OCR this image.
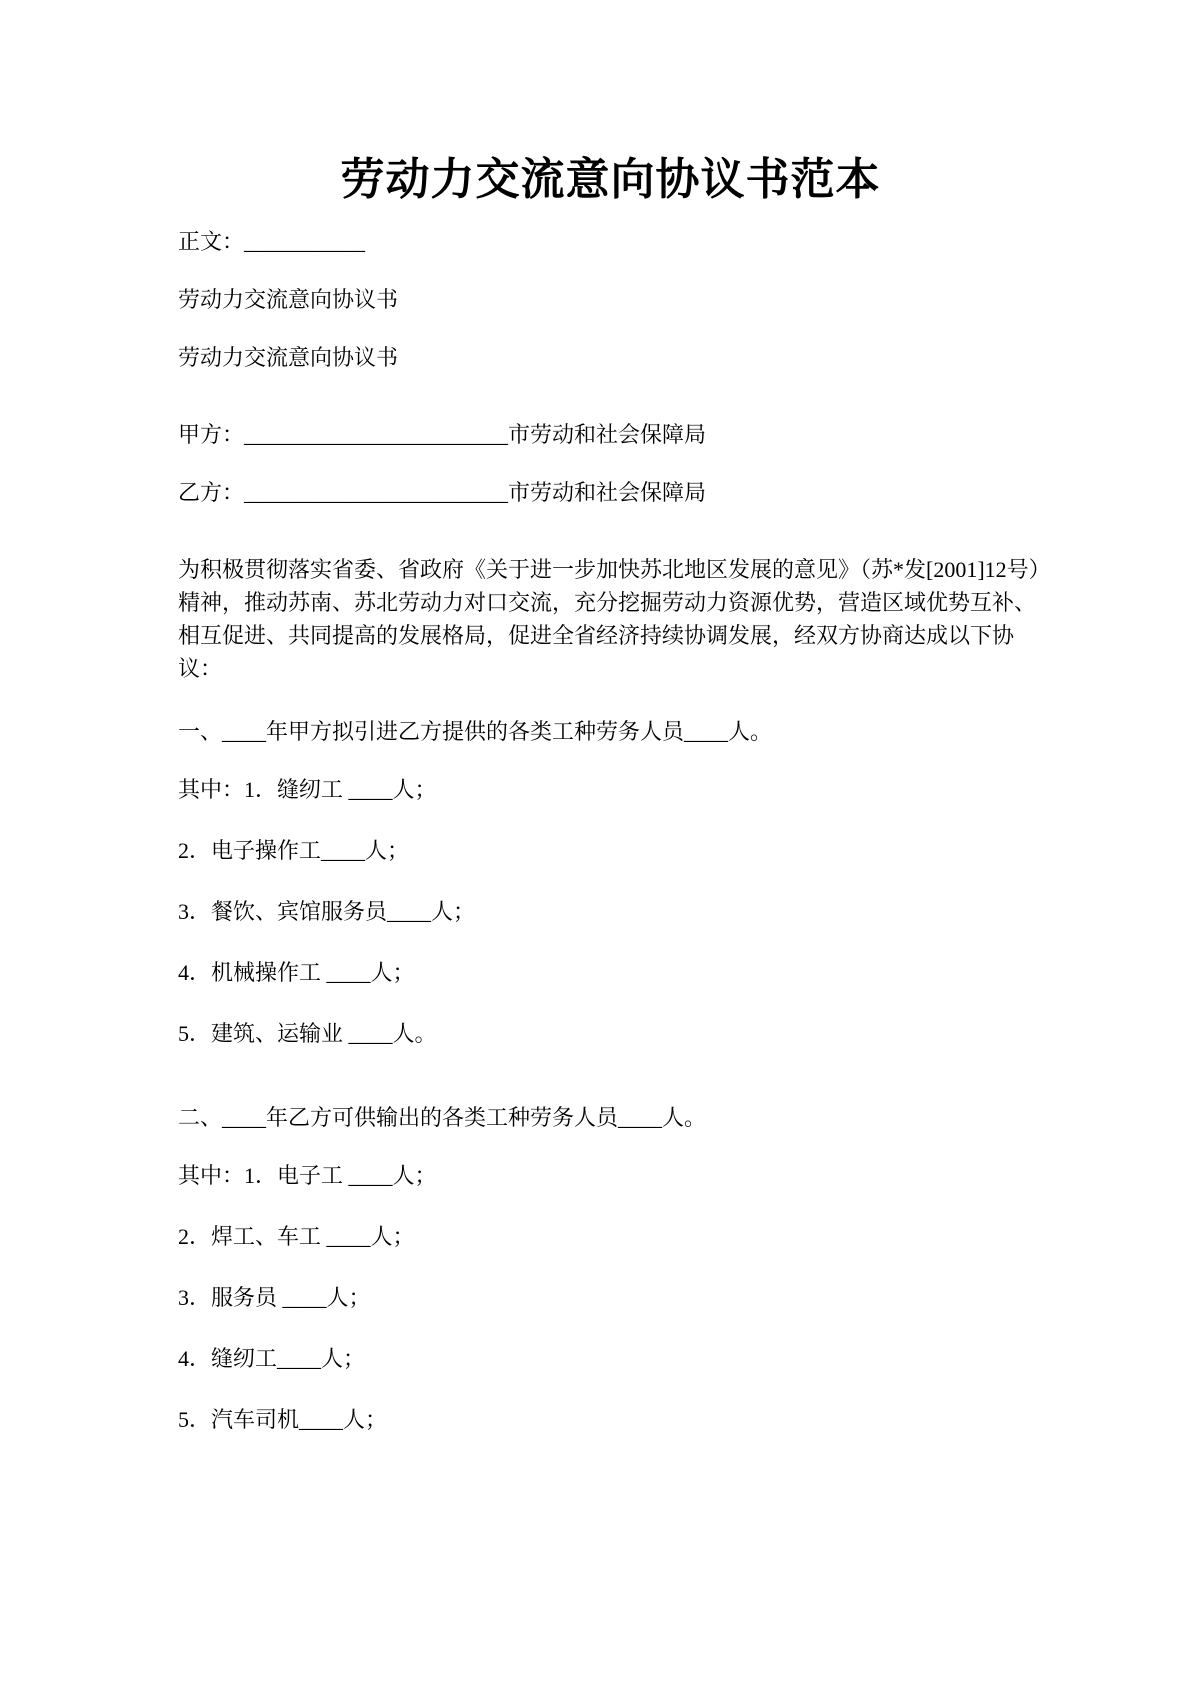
劳动力交流意向协议书范本

正文：___________

劳动力交流意向协议书

劳动力交流意向协议书

甲方：________________________市劳动和社会保障局

乙方：________________________市劳动和社会保障局

为积极贯彻落实省委、省政府《关于进一步加快苏北地区发展的意见》（苏*发[2001]12号）精神，推动苏南、苏北劳动力对口交流，充分挖掘劳动力资源优势，营造区域优势互补、相互促进、共同提高的发展格局，促进全省经济持续协调发展，经双方协商达成以下协议：

一、____年甲方拟引进乙方提供的各类工种劳务人员____人。

其中：1．缝纫工 ____人；

2．电子操作工____人；

3．餐饮、宾馆服务员____人；

4．机械操作工 ____人；

5．建筑、运输业 ____人。

二、____年乙方可供输出的各类工种劳务人员____人。

其中：1．电子工 ____人；

2．焊工、车工 ____人；

3．服务员 ____人；

4．缝纫工____人；

5．汽车司机____人；
